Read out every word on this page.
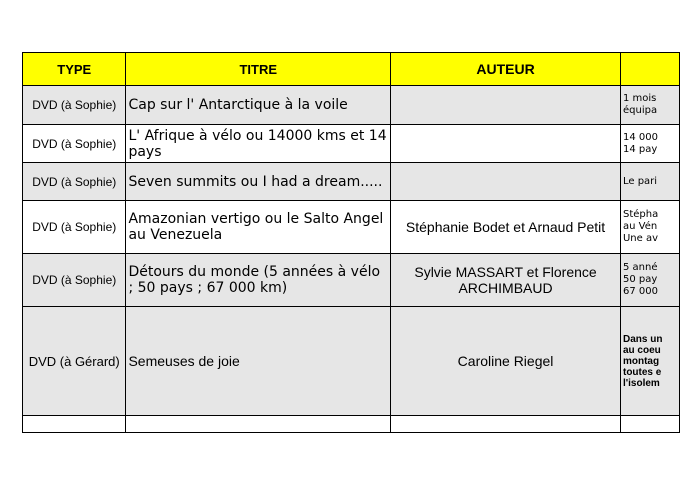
TYPE	TITRE	AUTEUR	
DVD (à Sophie)	Cap sur l' Antarctique à la voile		1 mois
équipa

DVD (à Sophie)	L' Afrique à vélo ou 14000 kms et 14 pays		14 000
14 pay

DVD (à Sophie)	Seven summits ou I had a dream.....		Le pari

DVD (à Sophie)	Amazonian vertigo ou le Salto Angel au Venezuela	Stéphanie Bodet et Arnaud Petit	Stépha
au Vén
Une av

DVD (à Sophie)	Détours du monde (5 années à vélo ; 50 pays ; 67 000 km)	Sylvie MASSART et Florence ARCHIMBAUD	5 anné
50 pay
67 000

DVD (à Gérard)	Semeuses de joie	Caroline Riegel	Dans un
au coeu
montag
toutes e
l'isolem
